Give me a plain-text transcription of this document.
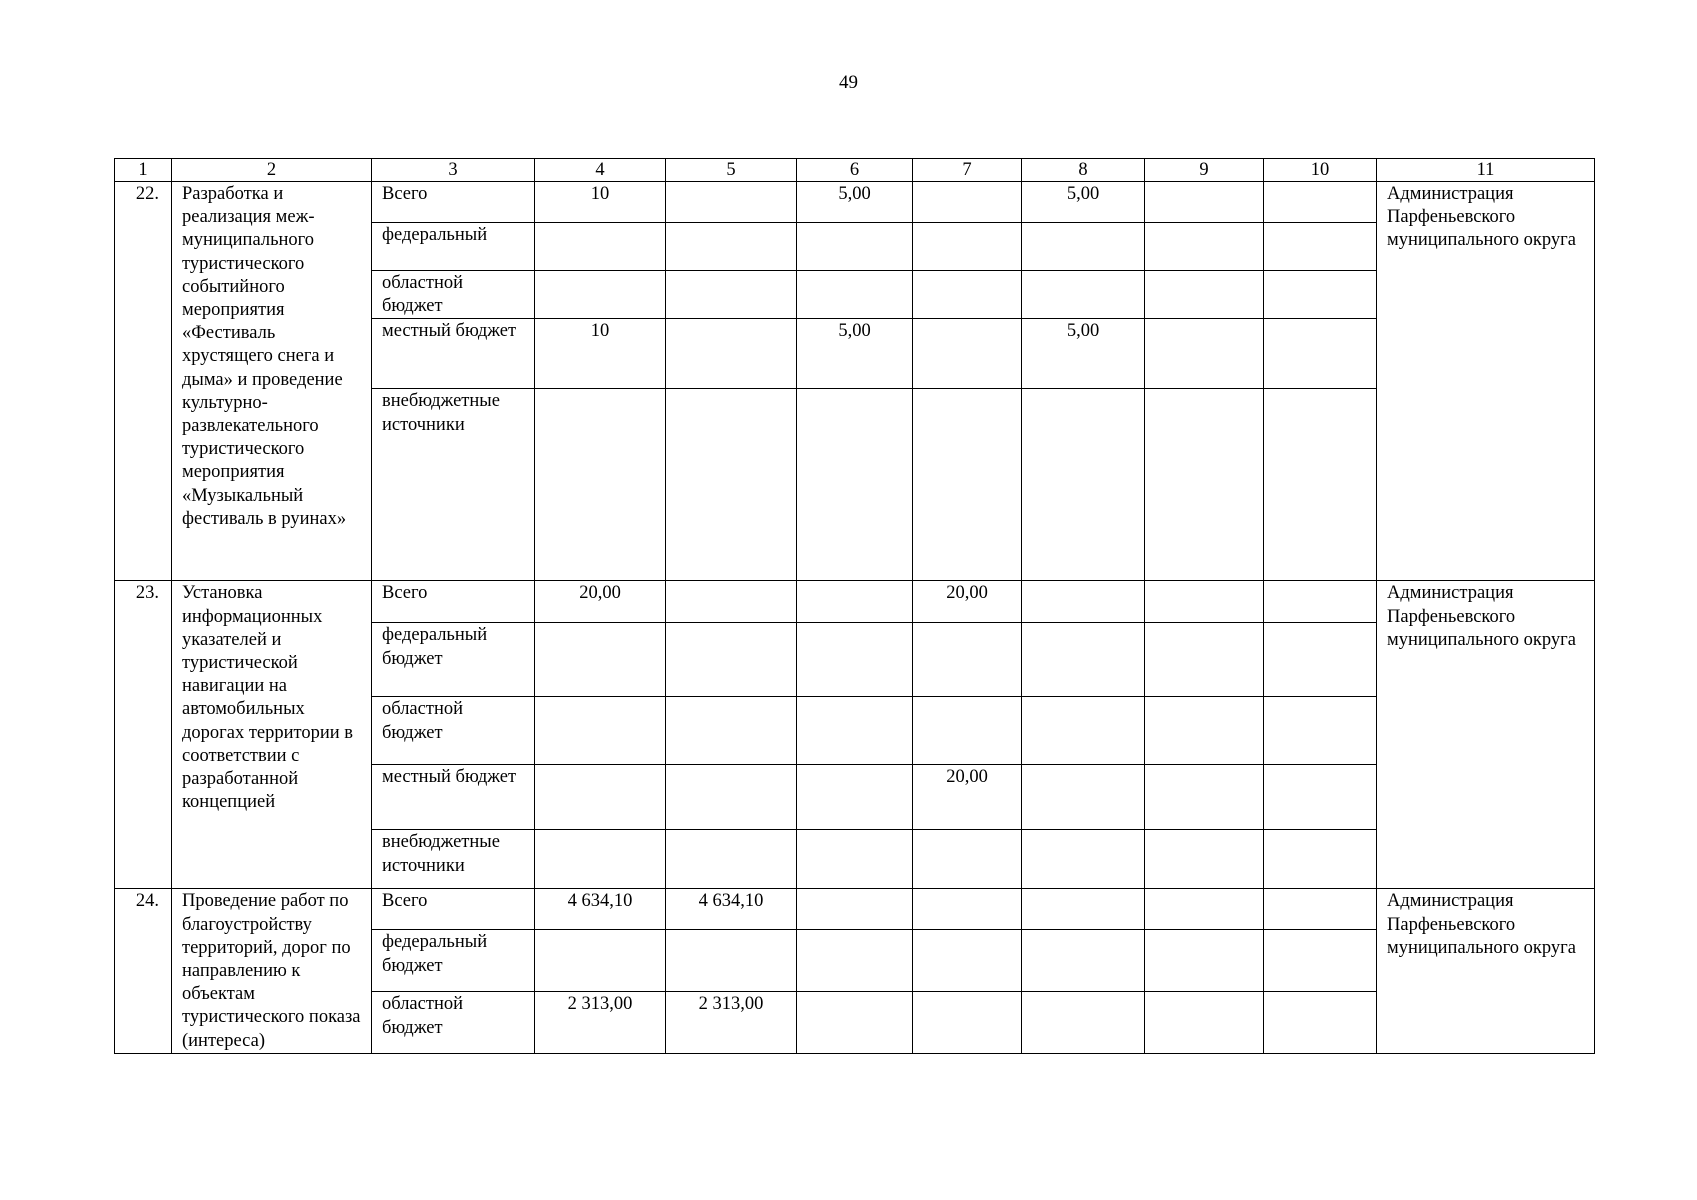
49
1	2	3	4	5	6	7	8	9	10	11
22.	Разработка и реализация меж-муниципального туристического событийного мероприятия «Фестиваль хрустящего снега и дыма» и проведение культурно-развлекательного туристического мероприятия «Музыкальный фестиваль в руинах»	Всего	10		5,00		5,00			Администрация Парфеньевского муниципального округа
		федеральный								
		областной бюджет								
		местный бюджет	10		5,00		5,00			
		внебюджетные источники								
23.	Установка информационных указателей и туристической навигации на автомобильных дорогах территории в соответствии с разработанной концепцией	Всего	20,00			20,00				Администрация Парфеньевского муниципального округа
		федеральный бюджет								
		областной бюджет								
		местный бюджет				20,00				
		внебюджетные источники								
24.	Проведение работ по благоустройству территорий, дорог по направлению к объектам туристического показа (интереса)	Всего	4 634,10	4 634,10						Администрация Парфеньевского муниципального округа
		федеральный бюджет								
		областной бюджет	2 313,00	2 313,00						
